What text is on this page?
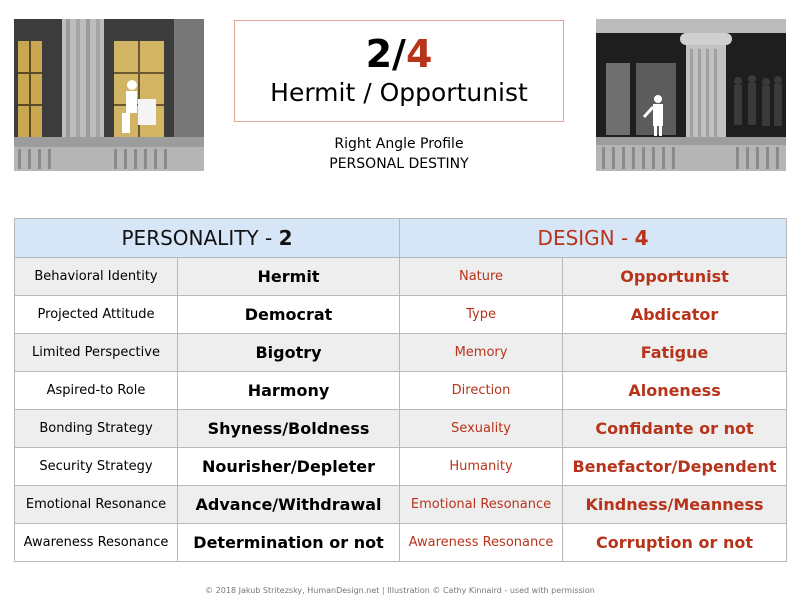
2/4
Hermit / Opportunist
Right Angle Profile
PERSONAL DESTINY
PERSONALITY - 2		DESIGN - 4	
Behavioral Identity	Hermit	Nature	Opportunist
Projected Attitude	Democrat	Type	Abdicator
Limited Perspective	Bigotry	Memory	Fatigue
Aspired-to Role	Harmony	Direction	Aloneness
Bonding Strategy	Shyness/Boldness	Sexuality	Confidante or not
Security Strategy	Nourisher/Depleter	Humanity	Benefactor/Dependent
Emotional Resonance	Advance/Withdrawal	Emotional Resonance	Kindness/Meanness
Awareness Resonance	Determination or not	Awareness Resonance	Corruption or not
© 2018 Jakub Stritezsky, HumanDesign.net | Illustration © Cathy Kinnaird - used with permission
